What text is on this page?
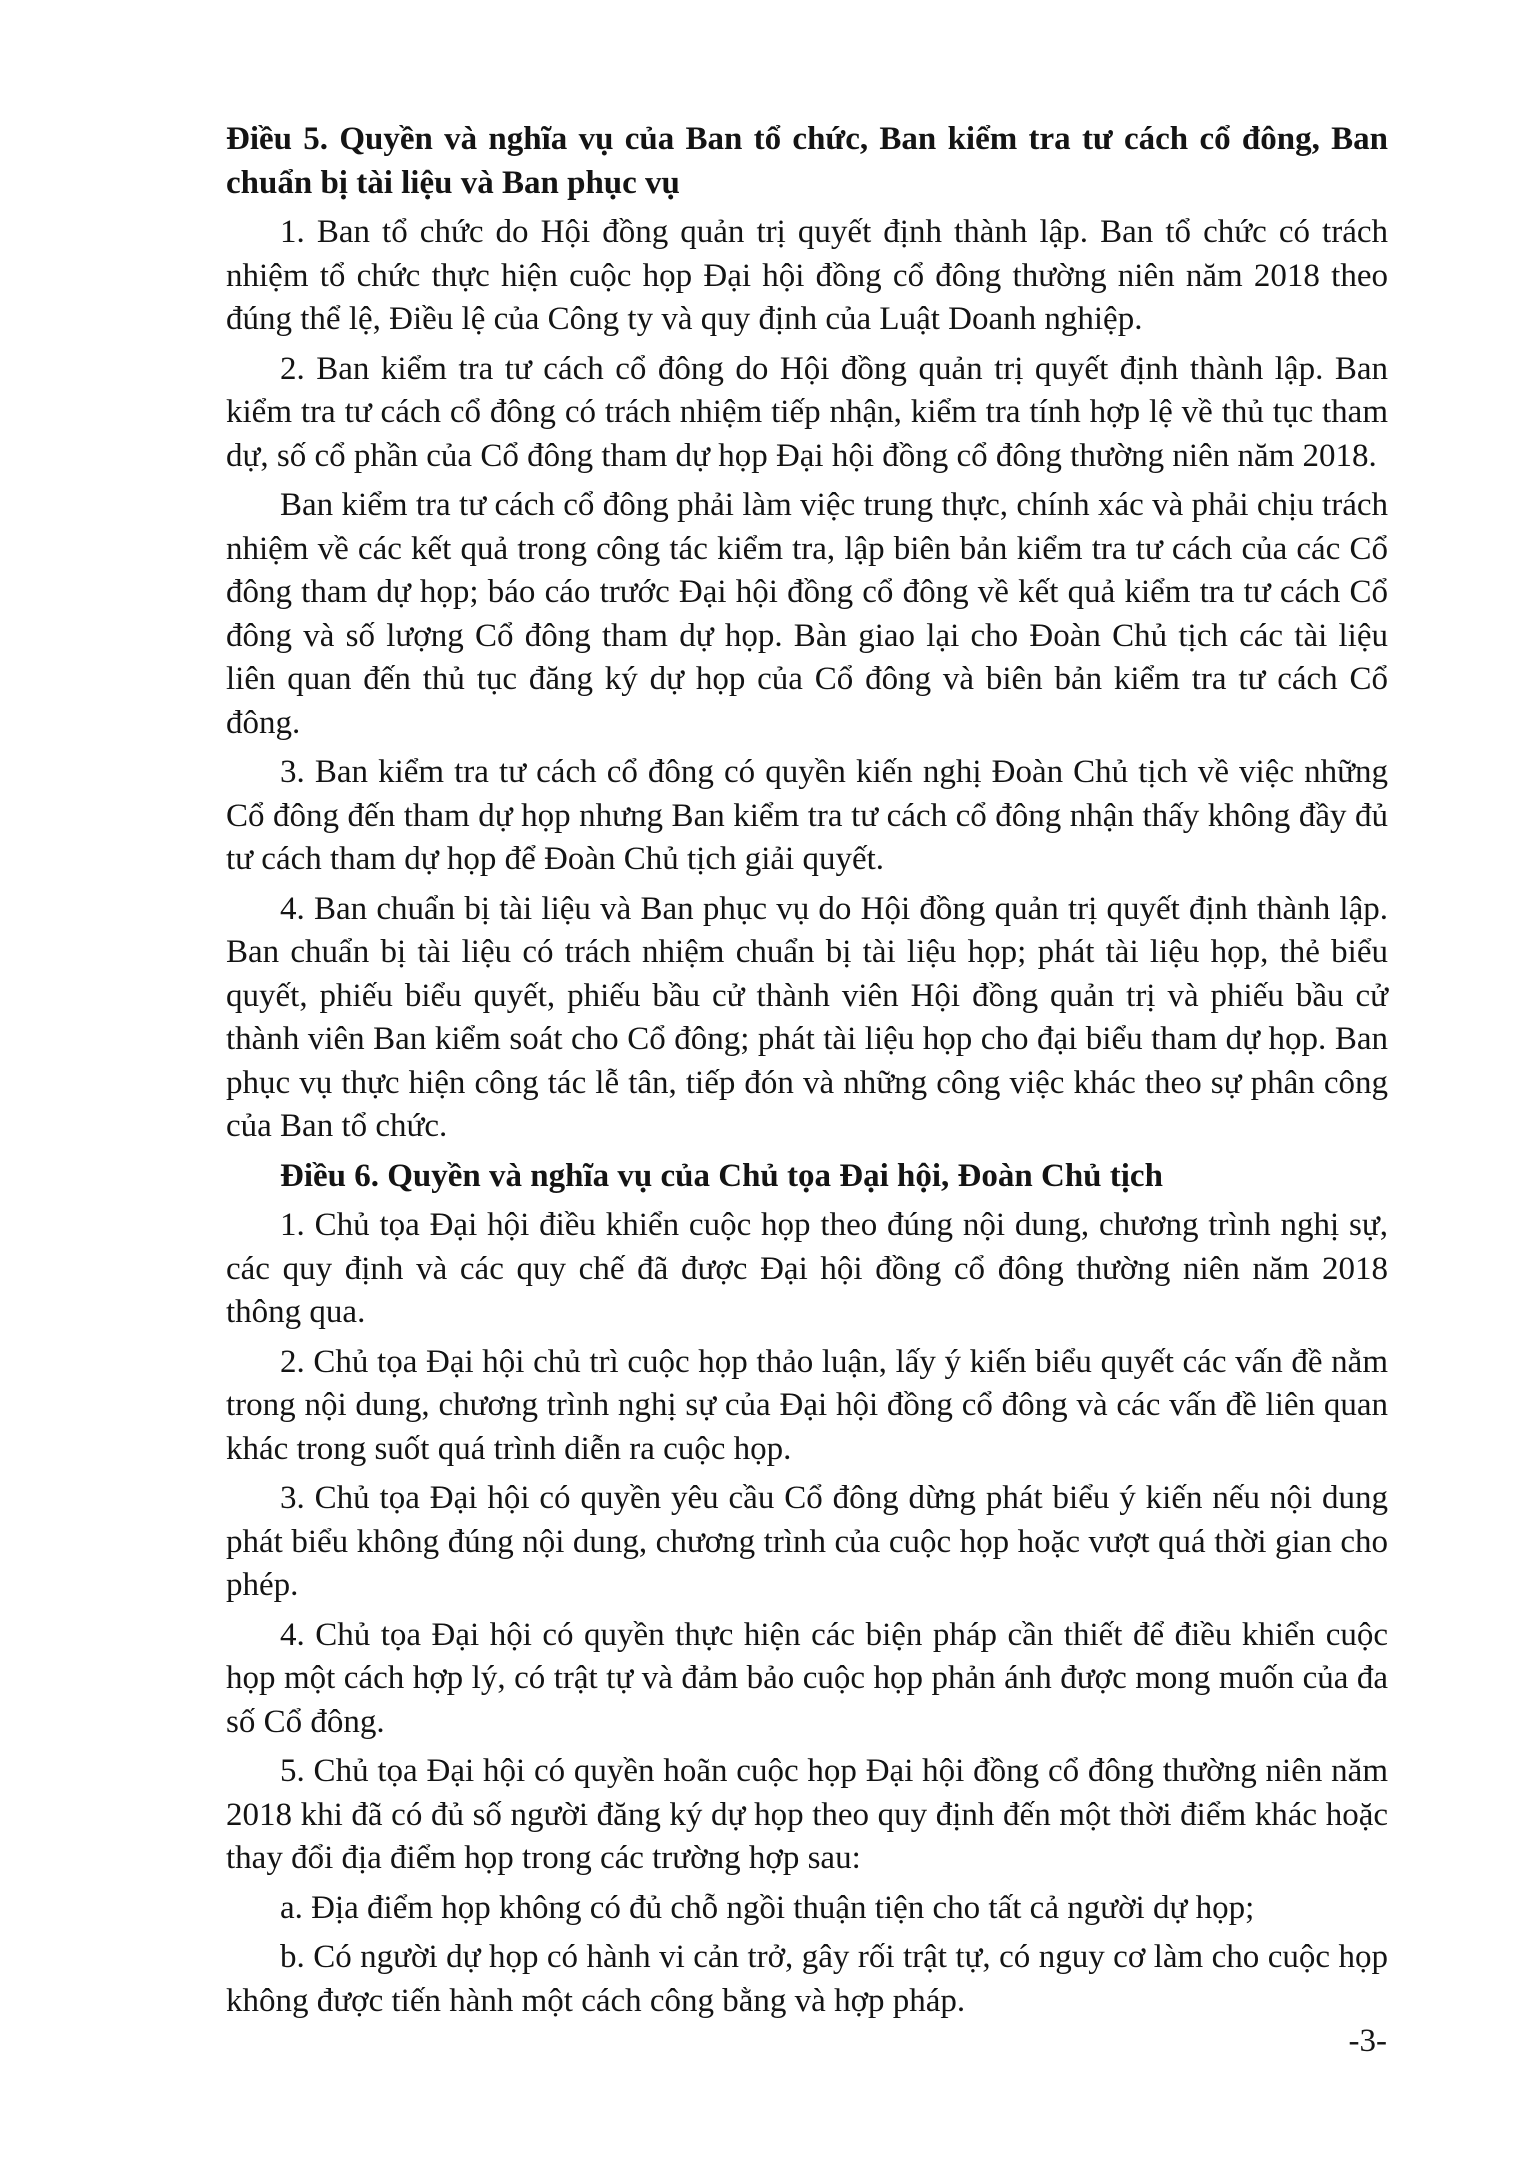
Điều 5. Quyền và nghĩa vụ của Ban tổ chức, Ban kiểm tra tư cách cổ đông, Ban chuẩn bị tài liệu và Ban phục vụ

1. Ban tổ chức do Hội đồng quản trị quyết định thành lập. Ban tổ chức có trách nhiệm tổ chức thực hiện cuộc họp Đại hội đồng cổ đông thường niên năm 2018 theo đúng thể lệ, Điều lệ của Công ty và quy định của Luật Doanh nghiệp.

2. Ban kiểm tra tư cách cổ đông do Hội đồng quản trị quyết định thành lập. Ban kiểm tra tư cách cổ đông có trách nhiệm tiếp nhận, kiểm tra tính hợp lệ về thủ tục tham dự, số cổ phần của Cổ đông tham dự họp Đại hội đồng cổ đông thường niên năm 2018.

Ban kiểm tra tư cách cổ đông phải làm việc trung thực, chính xác và phải chịu trách nhiệm về các kết quả trong công tác kiểm tra, lập biên bản kiểm tra tư cách của các Cổ đông tham dự họp; báo cáo trước Đại hội đồng cổ đông về kết quả kiểm tra tư cách Cổ đông và số lượng Cổ đông tham dự họp. Bàn giao lại cho Đoàn Chủ tịch các tài liệu liên quan đến thủ tục đăng ký dự họp của Cổ đông và biên bản kiểm tra tư cách Cổ đông.

3. Ban kiểm tra tư cách cổ đông có quyền kiến nghị Đoàn Chủ tịch về việc những Cổ đông đến tham dự họp nhưng Ban kiểm tra tư cách cổ đông nhận thấy không đầy đủ tư cách tham dự họp để Đoàn Chủ tịch giải quyết.

4. Ban chuẩn bị tài liệu và Ban phục vụ do Hội đồng quản trị quyết định thành lập. Ban chuẩn bị tài liệu có trách nhiệm chuẩn bị tài liệu họp; phát tài liệu họp, thẻ biểu quyết, phiếu biểu quyết, phiếu bầu cử thành viên Hội đồng quản trị và phiếu bầu cử thành viên Ban kiểm soát cho Cổ đông; phát tài liệu họp cho đại biểu tham dự họp. Ban phục vụ thực hiện công tác lễ tân, tiếp đón và những công việc khác theo sự phân công của Ban tổ chức.

Điều 6. Quyền và nghĩa vụ của Chủ tọa Đại hội, Đoàn Chủ tịch

1. Chủ tọa Đại hội điều khiển cuộc họp theo đúng nội dung, chương trình nghị sự, các quy định và các quy chế đã được Đại hội đồng cổ đông thường niên năm 2018 thông qua.

2. Chủ tọa Đại hội chủ trì cuộc họp thảo luận, lấy ý kiến biểu quyết các vấn đề nằm trong nội dung, chương trình nghị sự của Đại hội đồng cổ đông và các vấn đề liên quan khác trong suốt quá trình diễn ra cuộc họp.

3. Chủ tọa Đại hội có quyền yêu cầu Cổ đông dừng phát biểu ý kiến nếu nội dung phát biểu không đúng nội dung, chương trình của cuộc họp hoặc vượt quá thời gian cho phép.

4. Chủ tọa Đại hội có quyền thực hiện các biện pháp cần thiết để điều khiển cuộc họp một cách hợp lý, có trật tự và đảm bảo cuộc họp phản ánh được mong muốn của đa số Cổ đông.

5. Chủ tọa Đại hội có quyền hoãn cuộc họp Đại hội đồng cổ đông thường niên năm 2018 khi đã có đủ số người đăng ký dự họp theo quy định đến một thời điểm khác hoặc thay đổi địa điểm họp trong các trường hợp sau:

a. Địa điểm họp không có đủ chỗ ngồi thuận tiện cho tất cả người dự họp;

b. Có người dự họp có hành vi cản trở, gây rối trật tự, có nguy cơ làm cho cuộc họp không được tiến hành một cách công bằng và hợp pháp.

-3-
